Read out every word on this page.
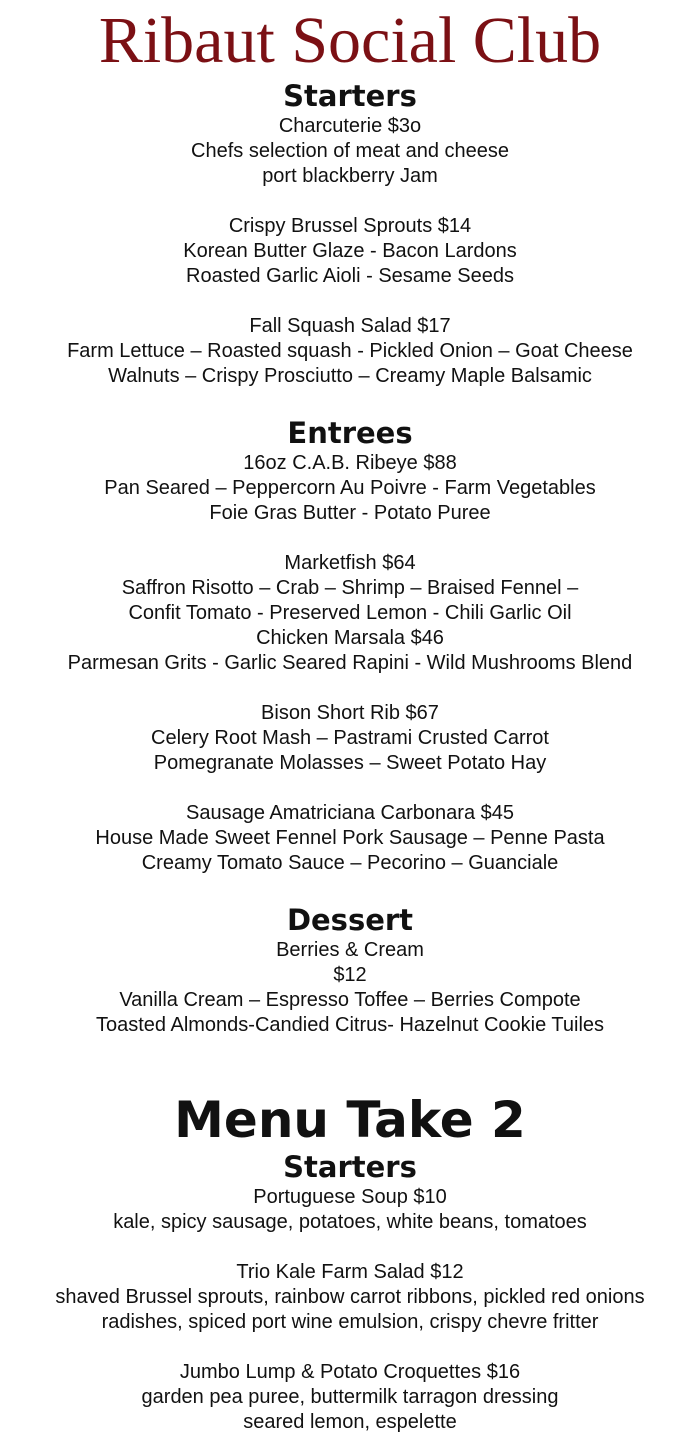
Ribaut Social Club
Starters
Charcuterie $3o
Chefs selection of meat and cheese
port blackberry Jam
Crispy Brussel Sprouts $14
Korean Butter Glaze - Bacon Lardons
Roasted Garlic Aioli - Sesame Seeds
Fall Squash Salad $17
Farm Lettuce – Roasted squash - Pickled Onion – Goat Cheese
Walnuts – Crispy Prosciutto – Creamy Maple Balsamic
Entrees
16oz C.A.B. Ribeye $88
Pan Seared – Peppercorn Au Poivre - Farm Vegetables
Foie Gras Butter - Potato Puree
Marketfish $64
Saffron Risotto – Crab – Shrimp – Braised Fennel –
Confit Tomato - Preserved Lemon - Chili Garlic Oil
Chicken Marsala $46
Parmesan Grits - Garlic Seared Rapini - Wild Mushrooms Blend
Bison Short Rib $67
Celery Root Mash – Pastrami Crusted Carrot
Pomegranate Molasses – Sweet Potato Hay
Sausage Amatriciana Carbonara $45
House Made Sweet Fennel Pork Sausage – Penne Pasta
Creamy Tomato Sauce – Pecorino – Guanciale
Dessert
Berries & Cream
$12
Vanilla Cream – Espresso Toffee – Berries Compote
Toasted Almonds-Candied Citrus- Hazelnut Cookie Tuiles
Menu Take 2
Starters
Portuguese Soup $10
kale, spicy sausage, potatoes, white beans, tomatoes
Trio Kale Farm Salad $12
shaved Brussel sprouts, rainbow carrot ribbons, pickled red onions
radishes, spiced port wine emulsion, crispy chevre fritter
Jumbo Lump & Potato Croquettes $16
garden pea puree, buttermilk tarragon dressing
seared lemon, espelette
